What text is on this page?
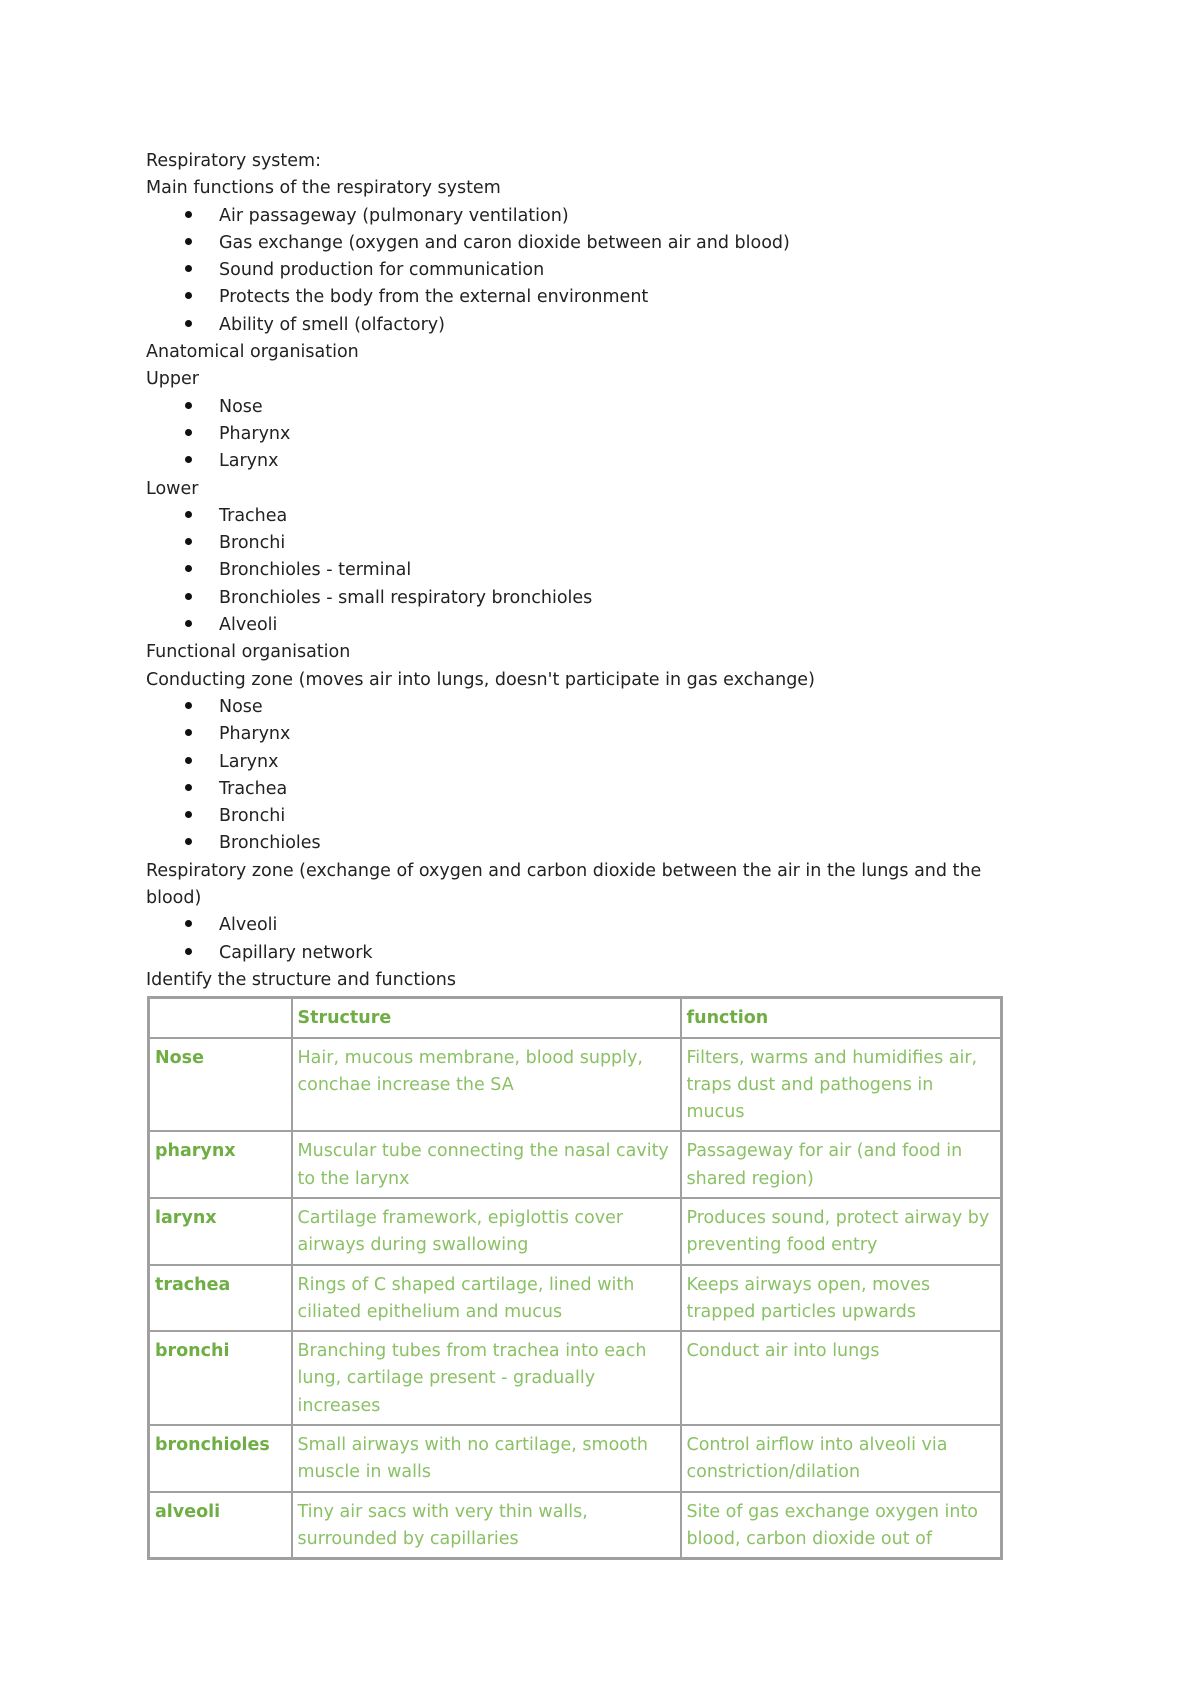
Respiratory system:
Main functions of the respiratory system
Air passageway (pulmonary ventilation)
Gas exchange (oxygen and caron dioxide between air and blood)
Sound production for communication
Protects the body from the external environment
Ability of smell (olfactory)
Anatomical organisation
Upper
Nose
Pharynx
Larynx
Lower
Trachea
Bronchi
Bronchioles - terminal
Bronchioles - small respiratory bronchioles
Alveoli
Functional organisation
Conducting zone (moves air into lungs, doesn't participate in gas exchange)
Nose
Pharynx
Larynx
Trachea
Bronchi
Bronchioles
Respiratory zone (exchange of oxygen and carbon dioxide between the air in the lungs and the blood)
Alveoli
Capillary network
Identify the structure and functions
	Structure	function
Nose	Hair, mucous membrane, blood supply, conchae increase the SA	Filters, warms and humidifies air, traps dust and pathogens in mucus
pharynx	Muscular tube connecting the nasal cavity to the larynx	Passageway for air (and food in shared region)
larynx	Cartilage framework, epiglottis cover airways during swallowing	Produces sound, protect airway by preventing food entry
trachea	Rings of C shaped cartilage, lined with ciliated epithelium and mucus	Keeps airways open, moves trapped particles upwards
bronchi	Branching tubes from trachea into each lung, cartilage present - gradually increases	Conduct air into lungs
bronchioles	Small airways with no cartilage, smooth muscle in walls	Control airflow into alveoli via constriction/dilation
alveoli	Tiny air sacs with very thin walls, surrounded by capillaries	Site of gas exchange oxygen into blood, carbon dioxide out of
